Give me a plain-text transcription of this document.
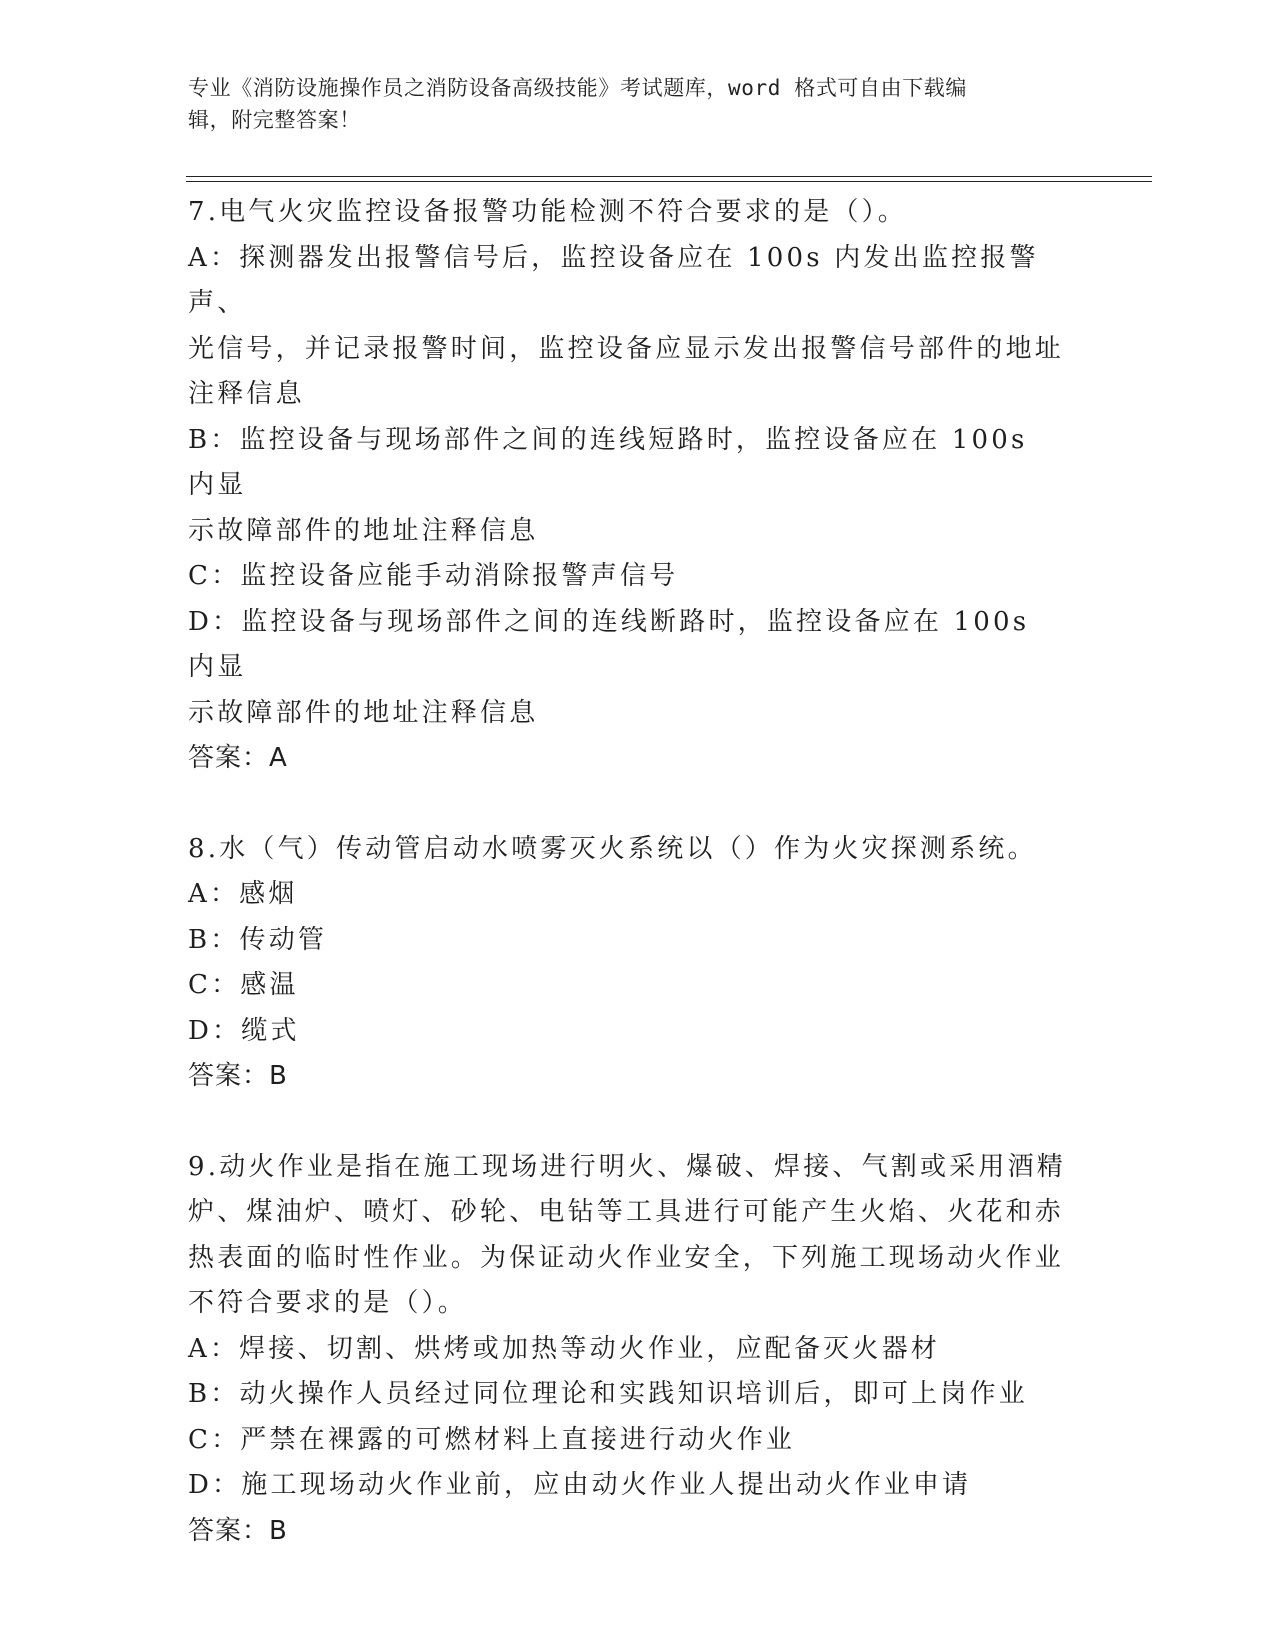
专业《消防设施操作员之消防设备高级技能》考试题库，word 格式可自由下载编
辑，附完整答案！
7.电气火灾监控设备报警功能检测不符合要求的是（）。
A：探测器发出报警信号后，监控设备应在 100s 内发出监控报警声、
光信号，并记录报警时间，监控设备应显示发出报警信号部件的地址
注释信息
B：监控设备与现场部件之间的连线短路时，监控设备应在 100s 内显
示故障部件的地址注释信息
C：监控设备应能手动消除报警声信号
D：监控设备与现场部件之间的连线断路时，监控设备应在 100s 内显
示故障部件的地址注释信息
答案：A
8.水（气）传动管启动水喷雾灭火系统以（）作为火灾探测系统。
A：感烟
B：传动管
C：感温
D：缆式
答案：B
9.动火作业是指在施工现场进行明火、爆破、焊接、气割或采用酒精
炉、煤油炉、喷灯、砂轮、电钻等工具进行可能产生火焰、火花和赤
热表面的临时性作业。为保证动火作业安全，下列施工现场动火作业
不符合要求的是（）。
A：焊接、切割、烘烤或加热等动火作业，应配备灭火器材
B：动火操作人员经过同位理论和实践知识培训后，即可上岗作业
C：严禁在裸露的可燃材料上直接进行动火作业
D：施工现场动火作业前，应由动火作业人提出动火作业申请
答案：B
